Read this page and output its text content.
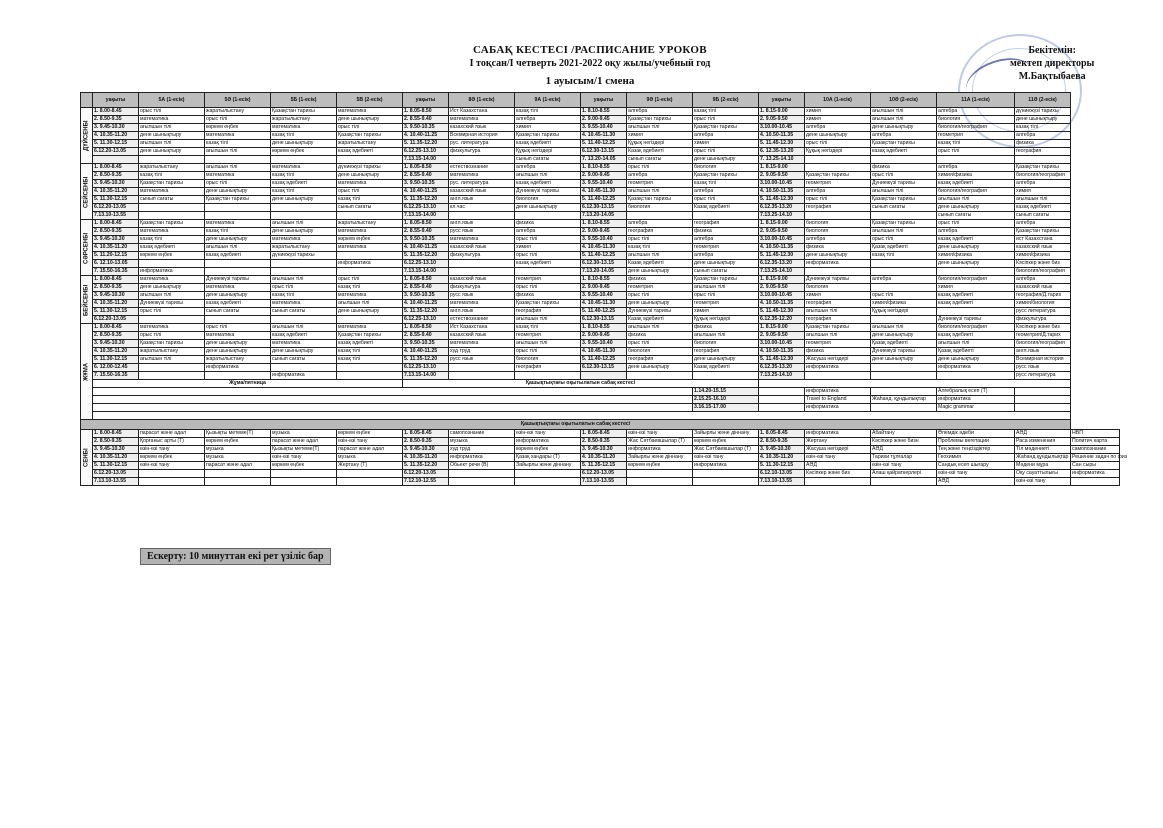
САБАҚ КЕСТЕСІ /РАСПИСАНИЕ УРОКОВ
I тоқсан/I четверть 2021-2022 оқу жылы/учебный год
1 ауысым/1 смена
Бекітемін:
мектеп директоры
М.Бақтыбаева
	уақыты	5А (1-есік)	5Ә (1-есік)	5Б (1-есік)	5В (2-есік)	уақыты	8Ә (1-есік)	9А (1-есік)	уақыты	9Ә (1-есік)	9Б (2-есік)	уақыты	10А (1-есік)	10Ә (2-есік)	11А (1-есік)	11Ә (2-есік)	
ДҮЙСЕНБІ	1. 8.00-8.45	орыс тілі	жаратылыстану	Қазақстан тарихы	математика	1. 8.05-8.50	Ист Казахстана	казақ тілі	1. 8.10-8.55	алгебра	казақ тілі	1. 8.15-9.00	химия	ағылшын тілі	алгебра	дүниежүзі тарихы	
	2. 8.50-9.35	математика	орыс тілі	жаратылыстану	дене шынықтыру	2. 8.55-9.40	математика	алгебра	2. 9.00-9.45	Қазақстан тарихы	орыс тілі	2. 9.05-9.50	химия	ағылшын тілі	биология	дене шынықтыру	
	3. 9.45-10.30	ағылшын тілі	көркем еңбек	математика	орыс тілі	3. 9.50-10.35	казахский язык	химия	3. 9.55-10.40	ағылшын тілі	Қазақстан тарихы	3.10.00-10.45	алгебра	дене шынықтыру	биология/география	казақ тілі	
	4. 10.35-11.20	дене шынықтыру	математика	казақ тілі	Қазақстан тарихы	4. 10.40-11.25	Всемирная история	Қазақстан тарихы	4. 10.45-11.30	химия	алгебра	4. 10.50-11.35	дене шынықтыру	алгебра	геометрия	алгебра	
	5. 11.30-12.15	ағылшын тілі	казақ тілі	дене шынықтыру	жаратылыстану	5. 11.35-12.20	рус. литература	казақ әдебиеті	5. 11.40-12.25	Құқық негіздері	химия	5. 11.45-12.30	орыс тілі	Қазақстан тарихы	казақ тілі	физика	
	6.12.20-13.05	дене шынықтыру	ағылшын тілі	көркем еңбек	казақ әдебиеті	6.12.25-13.10	физкультура	Құқық негіздері	6.12.30-13.15	Казақ әдебиеті	орыс тілі	6. 12.35-13.20	Құқық негіздері	казақ әдебиеті	орыс тілі	география	
						7.13.15-14.00		сынып сағаты	7. 13.20-14.05	сынып сағаты	дене шынықтыру	7. 13.25-14.10					
СЕЙСЕНБІ	1. 8.00-8.45	жаратылыстану	ағылшын тілі	математика	дүниежүзі тарихы	1. 8.05-8.50	естествознание	алгебра	1. 8.10-8.55	орыс тілі	биология	1. 8.15-9.00		физика	алгебра	Қазақстан тарихы	
	2. 8.50-9.35	казақ тілі	математика	казақ тілі	дене шынықтыру	2. 8.55-9.40	математика	ағылшын тілі	2. 9.00-9.45	алгебра	Қазақстан тарихы	2. 9.05-9.50	Қазақстан тарихы	орыс тілі	химия/физика	биология/география	
	3. 9.45-10.30	Қазақстан тарихы	орыс тілі	казақ әдебиеті	математика	3. 9.50-10.35	рус. литература	казақ әдебиеті	3. 9.55-10.40	геометрия	казақ тілі	3.10.00-10.45	геометрия	Дүниежүзі тарихы	казақ әдебиеті	алгебра	
	4. 10.35-11.20	математика	дене шынықтыру	казақ тілі	орыс тілі	4. 10.40-11.25	казахский язык	Дүниежүзі тарихы	4. 10.45-11.30	ағылшын тілі	алгебра	4. 10.50-11.35	алгебра	ағылшын тілі	биология/география	химия	
	5. 11.30-12.15	сынып сағаты	Қазақстан тарихы	дене шынықтыру	казақ тілі	5. 11.35-12.20	англ.язык	биология	5. 11.40-12.25	Қазақстан тарихы	орыс тілі	5. 11.45-12.30	орыс тілі	Қазақстан тарихы	ағылшын тілі	ағылшын тілі	
	6.12.20-13.05				сынып сағаты	6.12.25-13.10	кл.час	дене шынықтыру	6.12.30-13.15	биология	Казақ әдебиеті	6.12.35-13.20	география	сынып сағаты	дене шынықтыру	казақ әдебиеті	
	7.13.10-13.55					7.13.15-14.00			7.13.20-14.05			7.13.25-14.10			сынып сағаты	сынып сағаты	
СӘРСЕНБІ	1. 8.00-8.45	Қазақстан тарихы	математика	ағылшын тілі	жаратылыстану	1. 8.05-8.50	англ.язык	физика	1. 8.10-8.55	алгебра	география	1. 8.15-9.00	биология	Қазақстан тарихы	орыс тілі	алгебра	
	2. 8.50-9.35	математика	казақ тілі	дене шынықтыру	математика	2. 8.55-9.40	русс язык	алгебра	2. 9.00-9.45	география	физика	2. 9.05-9.50	биология	ағылшын тілі	алгебра	Қазақстан тарихы	
	3. 9.45-10.30	казақ тілі	дене шынықтыру	математика	көркем еңбек	3. 9.50-10.35	математика	орыс тілі	3. 9.55-10.40	орыс тілі	алгебра	3.10.00-10.45	алгебра	орыс тілі	казақ әдебиеті	ист Казахстана	
	4. 10.35-11.20	казақ әдебиеті	ағылшын тілі	жаратылыстану	математика	4. 10.40-11.25	казахский язык	химия	4. 10.45-11.30	казақ тілі	геометрия	4. 10.50-11.35	физика	Қазақ әдебиеті	дене шынықтыру	казахский язык	
	5. 11.20-12.15	көркем еңбек	казақ әдебиеті	дүниежүзі тарихы		5. 11.35-12.20	физкультура	орыс тілі	5. 11.40-12.25	ағылшын тілі	алгебра	5. 11.45-12.30	дене шынықтыру	казақ тілі	химия/физика	химия/физика	
	6. 12.10-13.05				информатика	6.12.25-13.10		казақ әдебиеті	6.12.30-13.15	Казақ әдебиеті	дене шынықтыру	6.12.35-13.20	информатика		дене шынықтыру	Кәсіпкер және биз	
	7. 15.50-16.35	информатика				7.13.15-14.00			7.13.20-14.05	дене шынықтыру	сынып сағаты	7.13.25-14.10				биология/география	
БЕЙСЕНБІ	1. 8.00-8.45	математика	Дүниежүзі тарихы	ағылшын тілі	орыс тілі	1. 8.05-8.50	казахский язык	геометрия	1. 8.10-8.55	физика	Қазақстан тарихы	1. 8.15-9.00	Дүниежүзі тарихы	алгебра	биология/география	алгебра	
	2. 8.50-9.35	дене шынықтыру	математика	орыс тілі	казақ тілі	2. 8.55-9.40	физкультура	орыс тілі	2. 9.00-9.45	геометрия	ағылшын тілі	2. 9.05-9.50	биология		химия	казахский язык	
	3. 9.45-10.30	ағылшын тілі	дене шынықтыру	казақ тілі	математика	3. 9.50-10.35	русс язык	физика	3. 9.55-10.40	орыс тілі	орыс тілі	3.10.00-10.45	химия	орыс тілі	казақ әдебиеті	география/Д.тарих	
	4. 10.35-11.20	Дүниежүзі тарихы	казақ әдебиеті	математика	ағылшын тілі	4. 10.40-11.25	математика	Қазақстан тарихы	4. 10.45-11.30	дене шынықтыру	геометрия	4. 10.50-11.35	география	химия/физика	казақ әдебиеті	химия/биология	
	5. 11.30-12.15	орыс тілі	сынып сағаты	сынып сағаты	дене шынықтыру	5. 11.35-12.20	англ.язык	география	5. 11.40-12.25	Дүниежүзі тарихы	химия	5. 11.45-12.30	ағылшын тілі	Құқық негіздері		русс литература	
	6.12.20-13.05					6.12.25-13.10	естествознание	ағылшын тілі	6.12.30-13.15	Казақ әдебиеті	Құқық негіздері	6.12.35-12.20	география		Дүниежүзі тарихы	физкультура	
ЖҰМА	1. 8.00-8.45	математика	орыс тілі	ағылшын тілі	математика	1. 8.05-8.50	Ист Казахстана	казақ тілі	1. 8.10-8.55	ағылшын тілі	физика	1. 8.15-9.00	Қазақстан тарихы	ағылшын тілі	биология/география	Кәсіпкер және биз	
	2. 8.50-9.35	орыс тілі	математика	казақ әдебиеті	Қазақстан тарихы	2. 8.55-9.40	казахский язык	геометрия	2. 9.00-9.45	физика	ағылшын тілі	2. 9.05-9.50	ағылшын тілі	дене шынықтыру	казақ әдебиеті	геометрия/Д.тарих	
	3. 9.45-10.30	Қазақстан тарихы	дене шынықтыру	математика	казақ әдебиеті	3. 9.50-10.35	математика	ағылшын тілі	3. 9.55-10.40	орыс тілі	биология	3.10.00-10.45	геометрия	Қазақ әдебиеті	ағылшын тілі	биология/география	
	4. 10.35-11.20	жаратылыстану	дене шынықтыру	дене шынықтыру	казақ тілі	4. 10.40-11.25	худ труд	орыс тілі	4. 10.45-11.30	биология	география	4. 10.50-11.35	физика	Дүниежүзі тарихы	Қазақ әдебиеті	англ.язык	
	5. 11.30-12.15	ағылшын тілі	жаратылыстану	сынып сағаты	казақ тілі	5. 11.35-12.20	русс язык	биология	5. 11.40-12.25	география	дене шынықтыру	5. 11.45-12.30	Жасуша негіздері	дене шынықтыру	дене шынықтыру	Всемирная история	
	6. 12.00-12.45		информатика			6.12.25-13.10		география	6.12.30-13.15	дене шынықтыру	Казақ әдебиеті	6.12.35-13.20	информатика		информатика	русс язык	
	7. 15.50-16.35			информатика		7.13.15-14.00						7.13.25-14.10				русс литература	
	Жұма/пятница					Қашықтықтағы оқытылатын сабақ кестесі											
											1.14.20-15.15		информатика		Алгебралық есеп (Т)		
											2.15.25-16.10		Travel to England	Жаһанд. құндылықтар	информатика		
											3.16.15-17.00		информатика		Magic grammar		

Қашықтықтағы оқытылатын сабақ кестесі																	
СЕНБІ	1. 8.00-8.45	парасат және адал	Қызықты метеме(Т)	музыка	көркем еңбек	1. 8.05-8.45	самопознание	өзін-өзі тану	1. 8.05-8.45	өзін-өзі тану	Зайырлы және діннану	1. 8.05-8.45	информатика	Абайтану	Әлемдік әдеби	АӘД	НВП
	2. 8.50-9.35	Қорғаныс арты (Т)	көркем еңбек	парасат және адал	өзін-өзі тану	2. 8.50-9.35	музыка	информатика	2. 8.50-9.35	Жас Сәтбаевшылар (Т)	көркем еңбек	2. 8.50-9.35	Жертану	Кәсіпкер және бизн	Проблемы вегетации	Раса изменения	Политич карта
	3. 9.45-10.30	өзін-өзі тану	музыка	Қызықты метеме(Т)	парасат және адал	3. 9.45-10.30	худ труд	көркем еңбек	3. 9.45-10.30	информатика	Жас Сәтбаевшылар (Т)	3. 9.45-10.30	Жасуша негіздері	АӘД	Тең және теңсіздіктер	Тіл мәдениеті	самопознание
	4. 10.35-11.20	көркем еңбек	музыка	өзін-өзі тану	музыка	4. 10.35-11.20	информатика	Қазақ хандары (Т)	4. 10.35-11.20	Зайырлы және діннану	өзін-өзі тану	4. 10.35-11.20	өзін-өзі тану	Тарихи тұлғалар	Геохимия	Жаһанд.құндылықтар	Решение задач по физ
	5. 11.30-12.15	өзін-өзі тану	парасат және адал	көркем еңбек	Жертану (Т)	5. 11.35-12.20	Обьект речи (В)	Зайырлы және діннану	5. 11.35-12.15	көркем еңбек	информатика	5. 11.30-12.15	АӘД	өзін-өзі тану	Сандық есеп шығару	Мәдени мұра	Сан сыры
	6.12.20-13.05					6.12.20-13.05			6.12.20-13.05			6.12.10-13.05	Кәсіпкер және биз	Алаш қайраткерлері	өзін-өзі тану	Оқу сауаттылығы	информатика
	7.13.10-13.55					7.12.10-12.55			7.13.10-13.55			7.13.10-13.55			АӘД	өзін-өзі тану	
Ескерту: 10 минуттан екі рет үзіліс бар
